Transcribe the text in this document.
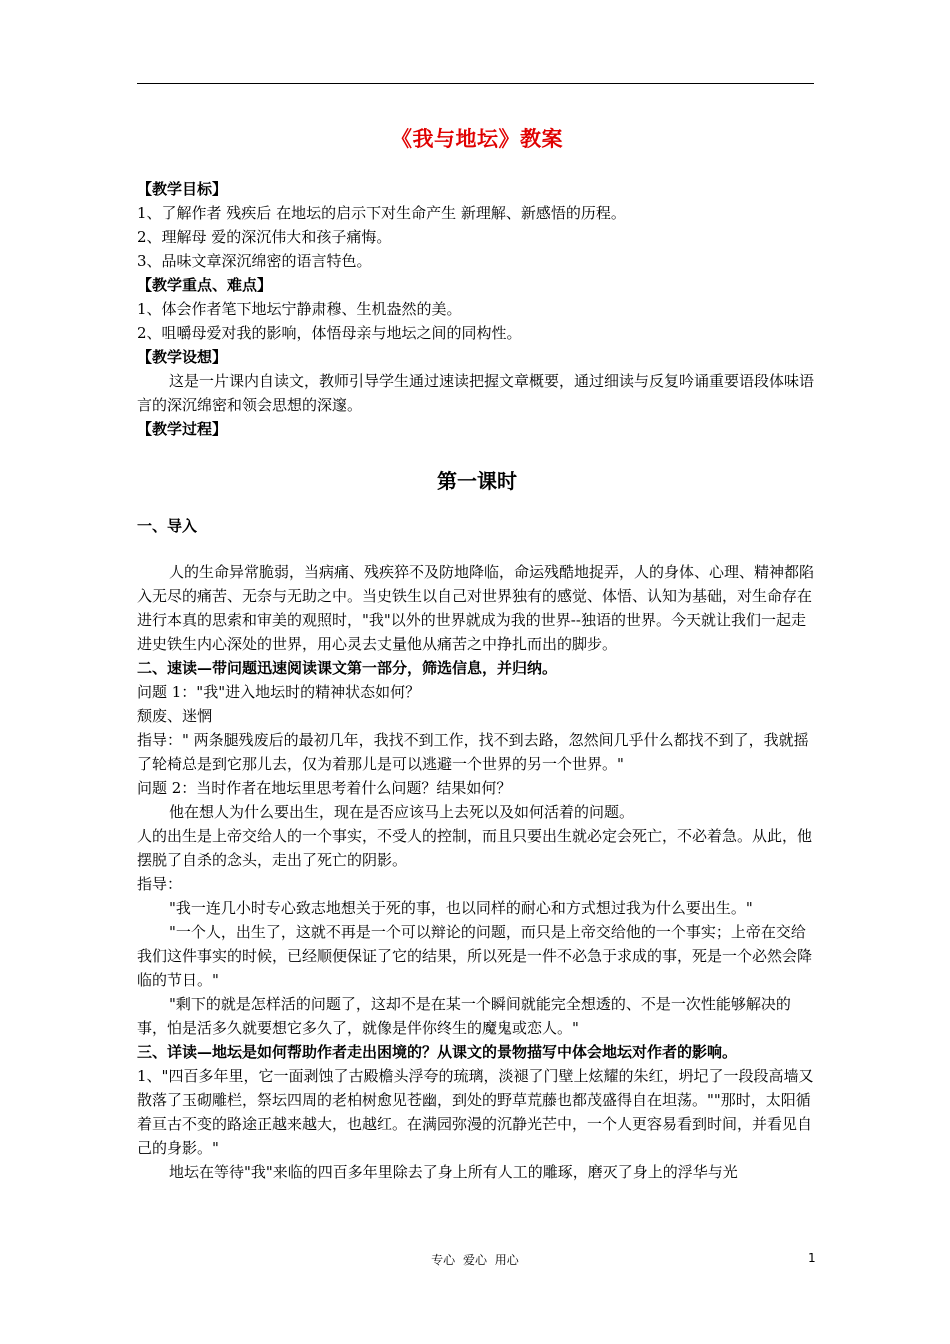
专心 爱心 用心	1
《我与地坛》教案
【教学目标】
1、了解作者 残疾后 在地坛的启示下对生命产生 新理解、新感悟的历程。
2、理解母 爱的深沉伟大和孩子痛悔。
3、品味文章深沉绵密的语言特色。
【教学重点、难点】
1、体会作者笔下地坛宁静肃穆、生机盎然的美。
2、咀嚼母爱对我的影响，体悟母亲与地坛之间的同构性。
【教学设想】
这是一片课内自读文，教师引导学生通过速读把握文章概要，通过细读与反复吟诵重要语段体味语言的深沉绵密和领会思想的深邃。
【教学过程】
第一课时
一、导入
人的生命异常脆弱，当病痛、残疾猝不及防地降临，命运残酷地捉弄，人的身体、心理、精神都陷入无尽的痛苦、无奈与无助之中。当史铁生以自己对世界独有的感觉、体悟、认知为基础，对生命存在进行本真的思索和审美的观照时，"我"以外的世界就成为我的世界--独语的世界。今天就让我们一起走进史铁生内心深处的世界，用心灵去丈量他从痛苦之中挣扎而出的脚步。
二、速读—带问题迅速阅读课文第一部分，筛选信息，并归纳。
问题 1："我"进入地坛时的精神状态如何？
颓废、迷惘
指导：" 两条腿残废后的最初几年，我找不到工作，找不到去路，忽然间几乎什么都找不到了，我就摇了轮椅总是到它那儿去，仅为着那儿是可以逃避一个世界的另一个世界。"
问题 2：当时作者在地坛里思考着什么问题？结果如何？
他在想人为什么要出生，现在是否应该马上去死以及如何活着的问题。
人的出生是上帝交给人的一个事实，不受人的控制，而且只要出生就必定会死亡，不必着急。从此，他摆脱了自杀的念头，走出了死亡的阴影。
指导：
"我一连几小时专心致志地想关于死的事，也以同样的耐心和方式想过我为什么要出生。"
"一个人，出生了，这就不再是一个可以辩论的问题，而只是上帝交给他的一个事实；上帝在交给我们这件事实的时候，已经顺便保证了它的结果，所以死是一件不必急于求成的事，死是一个必然会降临的节日。"
"剩下的就是怎样活的问题了，这却不是在某一个瞬间就能完全想透的、不是一次性能够解决的事，怕是活多久就要想它多久了，就像是伴你终生的魔鬼或恋人。"
三、详读—地坛是如何帮助作者走出困境的？从课文的景物描写中体会地坛对作者的影响。
1、"四百多年里，它一面剥蚀了古殿檐头浮夸的琉璃，淡褪了门壁上炫耀的朱红，坍圮了一段段高墙又散落了玉砌雕栏，祭坛四周的老柏树愈见苍幽，到处的野草荒藤也都茂盛得自在坦荡。""那时，太阳循着亘古不变的路途正越来越大，也越红。在满园弥漫的沉静光芒中，一个人更容易看到时间，并看见自己的身影。"
地坛在等待"我"来临的四百多年里除去了身上所有人工的雕琢，磨灭了身上的浮华与光
